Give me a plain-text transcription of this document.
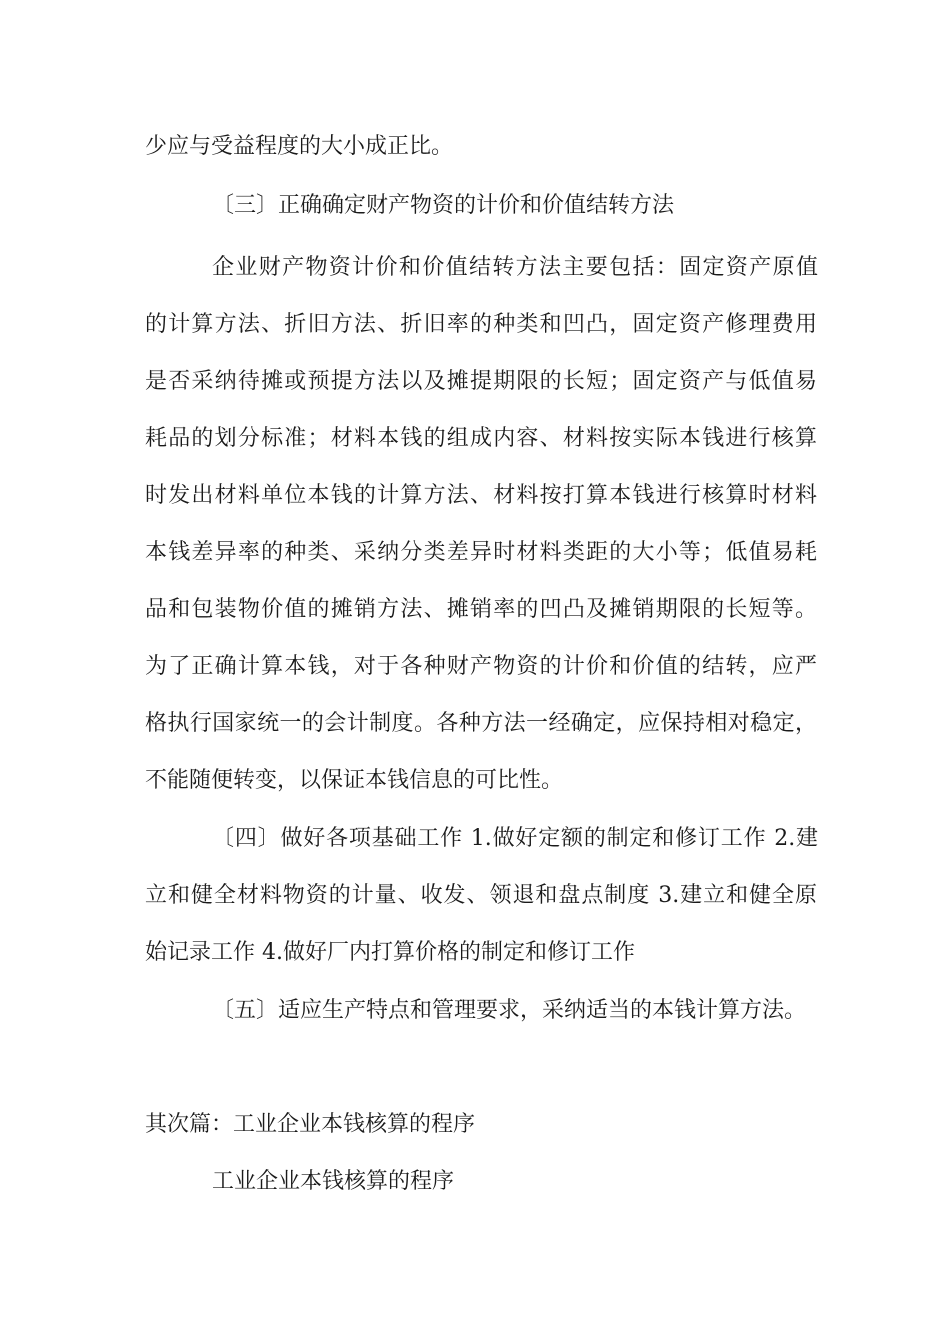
少应与受益程度的大小成正比。
〔三〕正确确定财产物资的计价和价值结转方法
企业财产物资计价和价值结转方法主要包括：固定资产原值
的计算方法、折旧方法、折旧率的种类和凹凸，固定资产修理费用
是否采纳待摊或预提方法以及摊提期限的长短；固定资产与低值易
耗品的划分标准；材料本钱的组成内容、材料按实际本钱进行核算
时发出材料单位本钱的计算方法、材料按打算本钱进行核算时材料
本钱差异率的种类、采纳分类差异时材料类距的大小等；低值易耗
品和包装物价值的摊销方法、摊销率的凹凸及摊销期限的长短等。
为了正确计算本钱，对于各种财产物资的计价和价值的结转，应严
格执行国家统一的会计制度。各种方法一经确定，应保持相对稳定，
不能随便转变，以保证本钱信息的可比性。
〔四〕做好各项基础工作 1.做好定额的制定和修订工作 2.建
立和健全材料物资的计量、收发、领退和盘点制度 3.建立和健全原
始记录工作 4.做好厂内打算价格的制定和修订工作
〔五〕适应生产特点和管理要求，采纳适当的本钱计算方法。
其次篇：工业企业本钱核算的程序
工业企业本钱核算的程序
